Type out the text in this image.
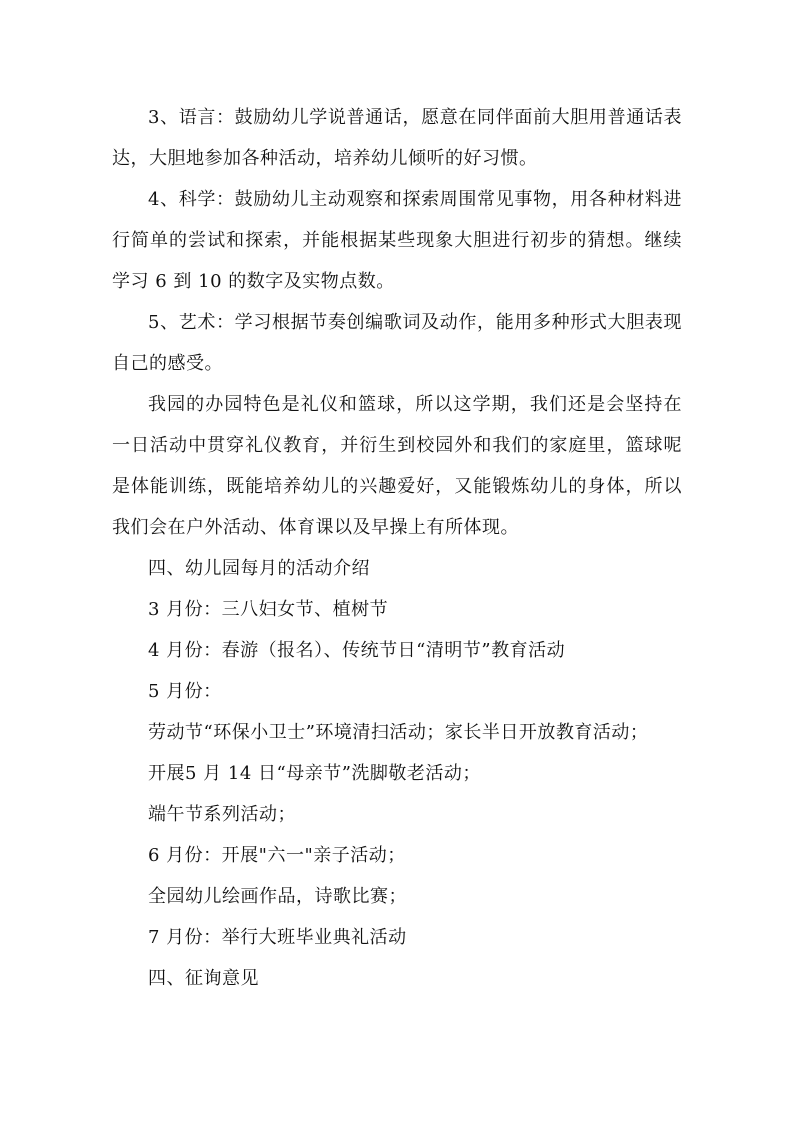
3、语言：鼓励幼儿学说普通话，愿意在同伴面前大胆用普通话表达，大胆地参加各种活动，培养幼儿倾听的好习惯。

4、科学：鼓励幼儿主动观察和探索周围常见事物，用各种材料进行简单的尝试和探索，并能根据某些现象大胆进行初步的猜想。继续学习 6 到 10 的数字及实物点数。

5、艺术：学习根据节奏创编歌词及动作，能用多种形式大胆表现自己的感受。

我园的办园特色是礼仪和篮球，所以这学期，我们还是会坚持在一日活动中贯穿礼仪教育，并衍生到校园外和我们的家庭里，篮球呢是体能训练，既能培养幼儿的兴趣爱好，又能锻炼幼儿的身体，所以我们会在户外活动、体育课以及早操上有所体现。

四、幼儿园每月的活动介绍

3 月份：三八妇女节、植树节

4 月份：春游（报名）、传统节日“清明节”教育活动

5 月份：

劳动节“环保小卫士”环境清扫活动；家长半日开放教育活动；

开展5 月 14 日“母亲节”洗脚敬老活动；

端午节系列活动；

6 月份：开展"六一"亲子活动；

全园幼儿绘画作品，诗歌比赛；

7 月份：举行大班毕业典礼活动

四、征询意见
